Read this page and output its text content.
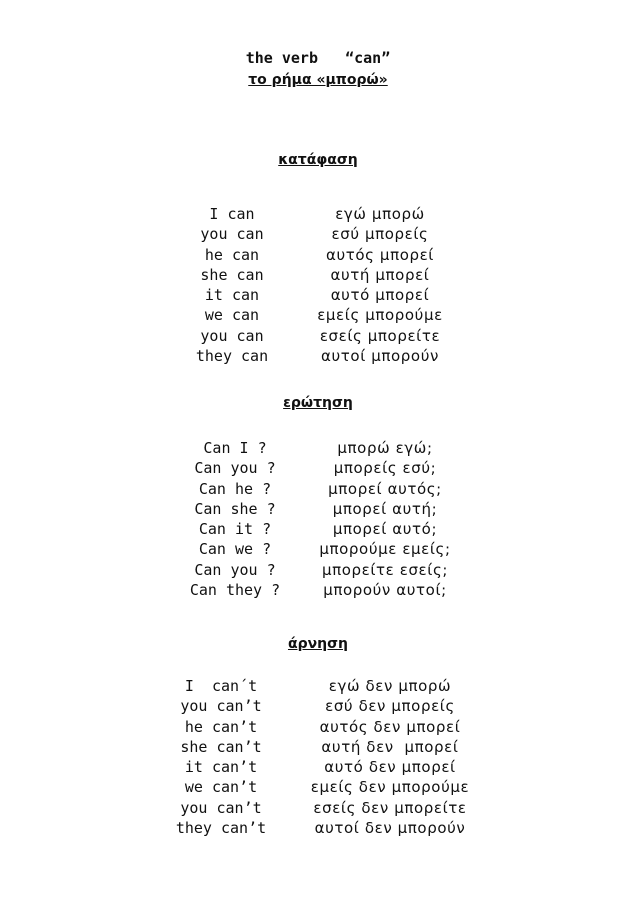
the verb   “can”
το ρήμα «μπορώ»
κατάφαση
I can	εγώ μπορώ
you can	εσύ μπορείς
he can	αυτός μπορεί
she can	αυτή μπορεί
it can	αυτό μπορεί
we can	εμείς μπορούμε
you can	εσείς μπορείτε
they can	αυτοί μπορούν
ερώτηση
Can I ?	μπορώ εγώ;
Can you ?	μπορείς εσύ;
Can he ?	μπορεί αυτός;
Can she ?	μπορεί αυτή;
Can it ?	μπορεί αυτό;
Can we ?	μπορούμε εμείς;
Can you ?	μπορείτε εσείς;
Can they ?	μπορούν αυτοί;
άρνηση
I  can´t	εγώ δεν μπορώ
you can’t	εσύ δεν μπορείς
he can’t	αυτός δεν μπορεί
she can’t	αυτή δεν  μπορεί
it can’t	αυτό δεν μπορεί
we can’t	εμείς δεν μπορούμε
you can’t	εσείς δεν μπορείτε
they can’t	αυτοί δεν μπορούν
